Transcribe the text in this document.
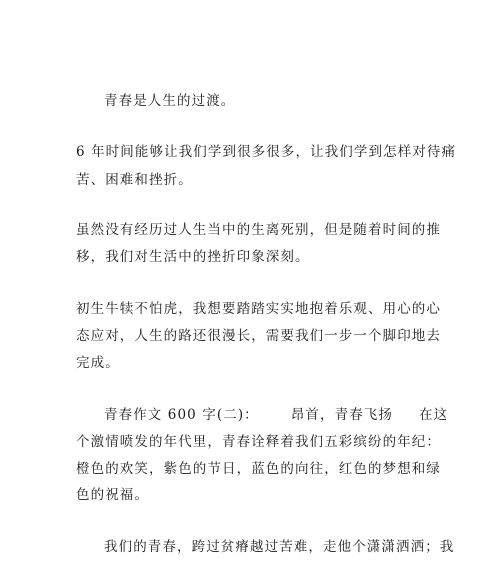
青春是人生的过渡。
6 年时间能够让我们学到很多很多，让我们学到怎样对待痛
苦、困难和挫折。
虽然没有经历过人生当中的生离死别，但是随着时间的推
移，我们对生活中的挫折印象深刻。
初生牛犊不怕虎，我想要踏踏实实地抱着乐观、用心的心
态应对，人生的路还很漫长，需要我们一步一个脚印地去
完成。
青春作文 600 字(二)： 昂首，青春飞扬 在这
个激情喷发的年代里，青春诠释着我们五彩缤纷的年纪：
橙色的欢笑，紫色的节日，蓝色的向往，红色的梦想和绿
色的祝福。
我们的青春，跨过贫瘠越过苦难，走他个潇潇洒洒；我
